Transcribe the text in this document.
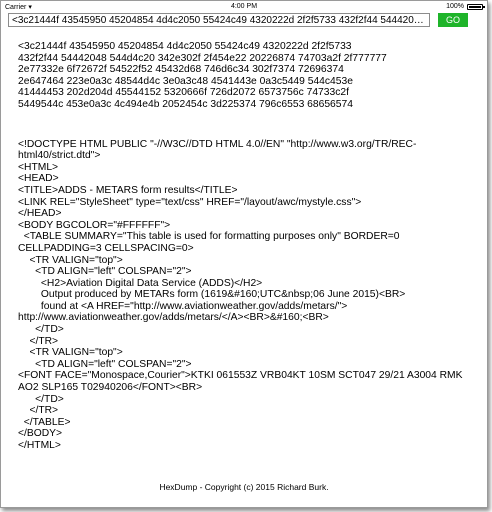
Carrier ▾	4:00 PM	100%
<3c21444f 43545950 45204854 4d4c2050 55424c49 4320222d 2f2f5733 432f2f44 54442048 544d4c20 342e302f 2f454e22 20226874 74703a2f 2f777777 2e77332e 6f72672f 54522f52 45432d68 746d6c34 302f7374 72696374 2e647464 223e0a3c 48544d4c 3e0a3c48 4541443e 0a3c5449 544c453e 41444453 202d204d 45544152 5320666f 726d2072 6573756c 74733c2f 5449544c 453e0a3c 4c494e4b 2052454c 3d225374 796c6553 68656574
GO
<3c21444f 43545950 45204854 4d4c2050 55424c49 4320222d 2f2f5733
432f2f44 54442048 544d4c20 342e302f 2f454e22 20226874 74703a2f 2f777777
2e77332e 6f72672f 54522f52 45432d68 746d6c34 302f7374 72696374
2e647464 223e0a3c 48544d4c 3e0a3c48 4541443e 0a3c5449 544c453e
41444453 202d204d 45544152 5320666f 726d2072 6573756c 74733c2f
5449544c 453e0a3c 4c494e4b 2052454c 3d225374 796c6553 68656574
<!DOCTYPE HTML PUBLIC "-//W3C//DTD HTML 4.0//EN" "http://www.w3.org/TR/REC-html40/strict.dtd">
<HTML>
<HEAD>
<TITLE>ADDS - METARS form results</TITLE>
<LINK REL="StyleSheet" type="text/css" HREF="/layout/awc/mystyle.css">
</HEAD>
<BODY BGCOLOR="#FFFFFF">
<TABLE SUMMARY="This table is used for formatting purposes only" BORDER=0 CELLPADDING=3 CELLSPACING=0>
<TR VALIGN="top">
<TD ALIGN="left" COLSPAN="2">
<H2>Aviation Digital Data Service (ADDS)</H2>
Output produced by METARs form (1619&#160;UTC&nbsp;06 June 2015)<BR>
found at <A HREF="http://www.aviationweather.gov/adds/metars/"> http://www.aviationweather.gov/adds/metars/</A><BR>&#160;<BR>
</TD>
</TR>
<TR VALIGN="top">
<TD ALIGN="left" COLSPAN="2">
<FONT FACE="Monospace,Courier">KTKI 061553Z VRB04KT 10SM SCT047 29/21 A3004 RMK AO2 SLP165 T02940206</FONT><BR>
</TD>
</TR>
</TABLE>
</BODY>
</HTML>
HexDump - Copyright (c) 2015 Richard Burk.
